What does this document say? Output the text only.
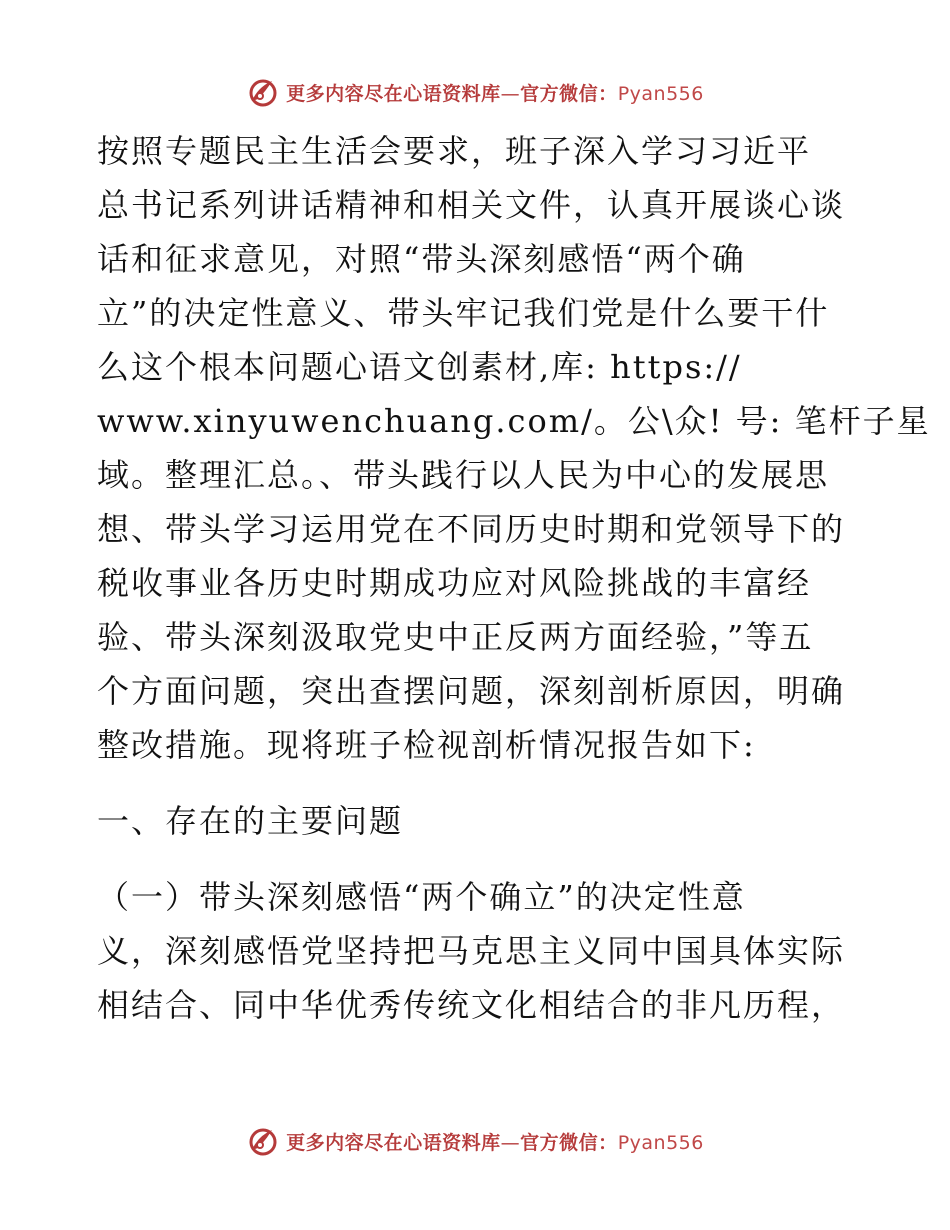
更多内容尽在心语资料库—官方微信：Pyan556
按照专题民主生活会要求，班子深入学习习近平
总书记系列讲话精神和相关文件，认真开展谈心谈
话和征求意见，对照“带头深刻感悟“两个确
立”的决定性意义、带头牢记我们党是什么要干什
么这个根本问题心语文创素材,库: https://
www.xinyuwenchuang.com/。公\众! 号: 笔杆子星
域。整理汇总。、带头践行以人民为中心的发展思
想、带头学习运用党在不同历史时期和党领导下的
税收事业各历史时期成功应对风险挑战的丰富经
验、带头深刻汲取党史中正反两方面经验，”等五
个方面问题，突出查摆问题，深刻剖析原因，明确
整改措施。现将班子检视剖析情况报告如下:
一、存在的主要问题
（一）带头深刻感悟“两个确立”的决定性意
义，深刻感悟党坚持把马克思主义同中国具体实际
相结合、同中华优秀传统文化相结合的非凡历程，
更多内容尽在心语资料库—官方微信：Pyan556
